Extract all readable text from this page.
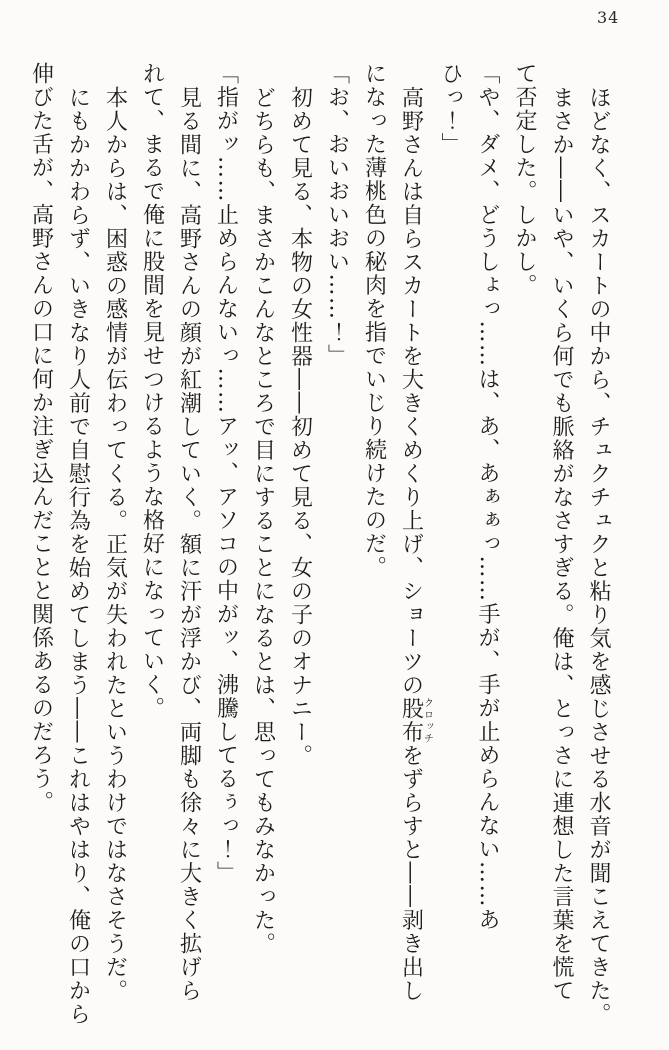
34

ほどなく、スカートの中から、チュクチュクと粘り気を感じさせる水音が聞こえてきた。

まさか――いや、いくら何でも脈絡がなさすぎる。俺は、とっさに連想した言葉を慌て

て否定した。しかし。

「や、ダメ、どうしょっ……は、あ、あぁぁっ……手が、手が止めらんない……あ

ひっ！」

高野さんは自らスカートを大きくめくり上げ、ショーツの股布クロッチをずらすと――剥き出し

になった薄桃色の秘肉を指でいじり続けたのだ。

「お、おいおいおい……！」

初めて見る、本物の女性器――初めて見る、女の子のオナニー。

どちらも、まさかこんなところで目にすることになるとは、思ってもみなかった。

「指がッ……止めらんないっ……アッ、アソコの中がッ、沸騰してるぅっ！」

見る間に、高野さんの顔が紅潮していく。額に汗が浮かび、両脚も徐々に大きく拡げら

れて、まるで俺に股間を見せつけるような格好になっていく。

本人からは、困惑の感情が伝わってくる。正気が失われたというわけではなさそうだ。

にもかかわらず、いきなり人前で自慰行為を始めてしまう――これはやはり、俺の口から

伸びた舌が、高野さんの口に何か注ぎ込んだことと関係あるのだろう。
